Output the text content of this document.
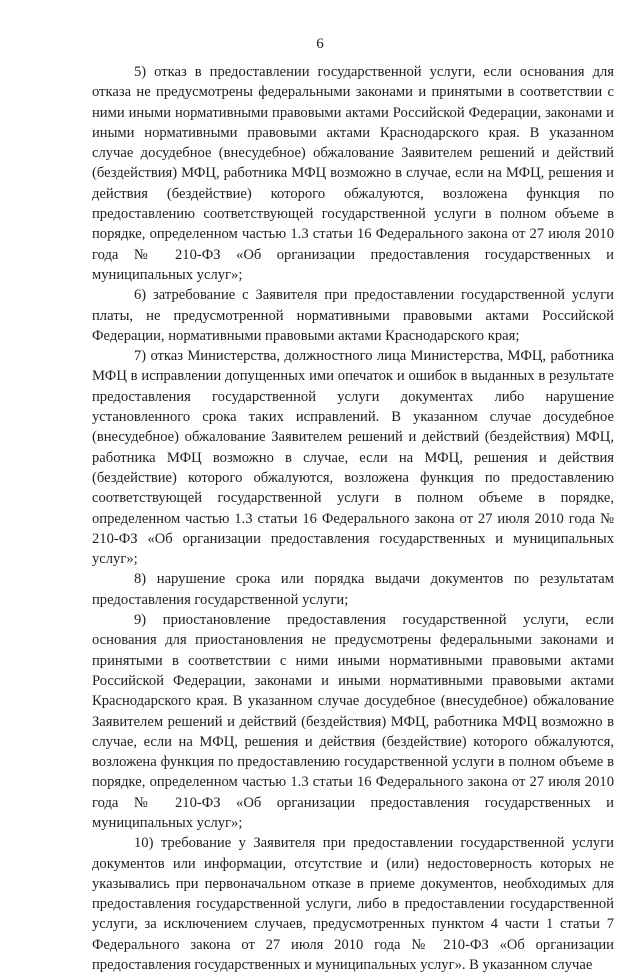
6

5) отказ в предоставлении государственной услуги, если основания для отказа не предусмотрены федеральными законами и принятыми в соответствии с ними иными нормативными правовыми актами Российской Федерации, законами и иными нормативными правовыми актами Краснодарского края. В указанном случае досудебное (внесудебное) обжалование Заявителем решений и действий (бездействия) МФЦ, работника МФЦ возможно в случае, если на МФЦ, решения и действия (бездействие) которого обжалуются, возложена функция по предоставлению соответствующей государственной услуги в полном объеме в порядке, определенном частью 1.3 статьи 16 Федерального закона от 27 июля 2010 года № 210-ФЗ «Об организации предоставления государственных и муниципальных услуг»;

6) затребование с Заявителя при предоставлении государственной услуги платы, не предусмотренной нормативными правовыми актами Российской Федерации, нормативными правовыми актами Краснодарского края;

7) отказ Министерства, должностного лица Министерства, МФЦ, работника МФЦ в исправлении допущенных ими опечаток и ошибок в выданных в результате предоставления государственной услуги документах либо нарушение установленного срока таких исправлений. В указанном случае досудебное (внесудебное) обжалование Заявителем решений и действий (бездействия) МФЦ, работника МФЦ возможно в случае, если на МФЦ, решения и действия (бездействие) которого обжалуются, возложена функция по предоставлению соответствующей государственной услуги в полном объеме в порядке, определенном частью 1.3 статьи 16 Федерального закона от 27 июля 2010 года № 210-ФЗ «Об организации предоставления государственных и муниципальных услуг»;

8) нарушение срока или порядка выдачи документов по результатам предоставления государственной услуги;

9) приостановление предоставления государственной услуги, если основания для приостановления не предусмотрены федеральными законами и принятыми в соответствии с ними иными нормативными правовыми актами Российской Федерации, законами и иными нормативными правовыми актами Краснодарского края. В указанном случае досудебное (внесудебное) обжалование Заявителем решений и действий (бездействия) МФЦ, работника МФЦ возможно в случае, если на МФЦ, решения и действия (бездействие) которого обжалуются, возложена функция по предоставлению государственной услуги в полном объеме в порядке, определенном частью 1.3 статьи 16 Федерального закона от 27 июля 2010 года № 210-ФЗ «Об организации предоставления государственных и муниципальных услуг»;

10) требование у Заявителя при предоставлении государственной услуги документов или информации, отсутствие и (или) недостоверность которых не указывались при первоначальном отказе в приеме документов, необходимых для предоставления государственной услуги, либо в предоставлении государственной услуги, за исключением случаев, предусмотренных пунктом 4 части 1 статьи 7 Федерального закона от 27 июля 2010 года № 210-ФЗ «Об организации предоставления государственных и муниципальных услуг». В указанном случае
